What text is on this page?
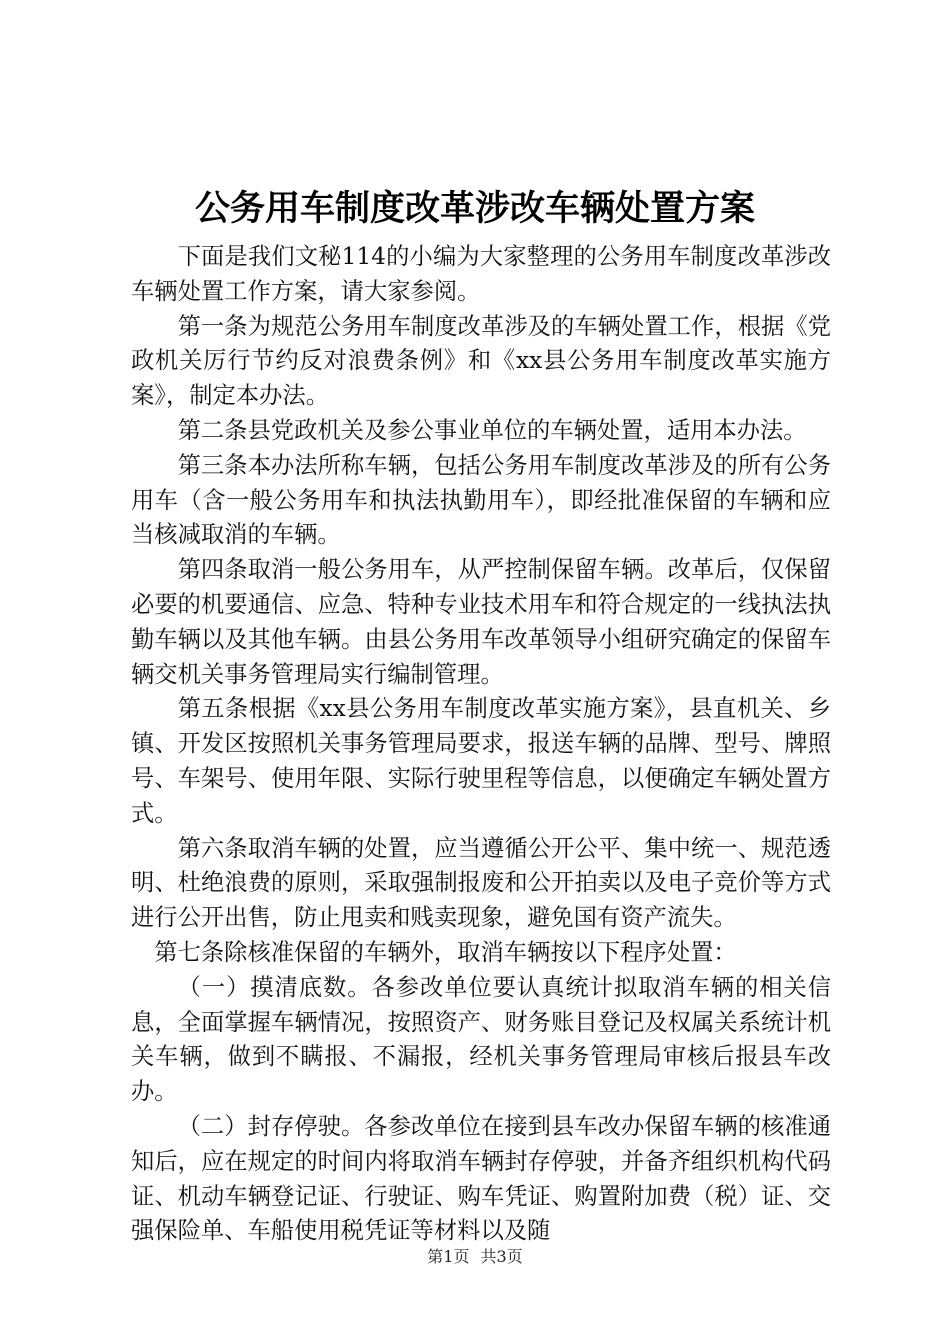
公务用车制度改革涉改车辆处置方案

下面是我们文秘114的小编为大家整理的公务用车制度改革涉改车辆处置工作方案，请大家参阅。

第一条为规范公务用车制度改革涉及的车辆处置工作，根据《党政机关厉行节约反对浪费条例》和《xx县公务用车制度改革实施方案》，制定本办法。

第二条县党政机关及参公事业单位的车辆处置，适用本办法。

第三条本办法所称车辆，包括公务用车制度改革涉及的所有公务用车（含一般公务用车和执法执勤用车），即经批准保留的车辆和应当核减取消的车辆。

第四条取消一般公务用车，从严控制保留车辆。改革后，仅保留必要的机要通信、应急、特种专业技术用车和符合规定的一线执法执勤车辆以及其他车辆。由县公务用车改革领导小组研究确定的保留车辆交机关事务管理局实行编制管理。

第五条根据《xx县公务用车制度改革实施方案》，县直机关、乡镇、开发区按照机关事务管理局要求，报送车辆的品牌、型号、牌照号、车架号、使用年限、实际行驶里程等信息，以便确定车辆处置方式。

第六条取消车辆的处置，应当遵循公开公平、集中统一、规范透明、杜绝浪费的原则，采取强制报废和公开拍卖以及电子竞价等方式进行公开出售，防止甩卖和贱卖现象，避免国有资产流失。

第七条除核准保留的车辆外，取消车辆按以下程序处置：

（一）摸清底数。各参改单位要认真统计拟取消车辆的相关信息，全面掌握车辆情况，按照资产、财务账目登记及权属关系统计机关车辆，做到不瞒报、不漏报，经机关事务管理局审核后报县车改办。

（二）封存停驶。各参改单位在接到县车改办保留车辆的核准通知后，应在规定的时间内将取消车辆封存停驶，并备齐组织机构代码证、机动车辆登记证、行驶证、购车凭证、购置附加费（税）证、交强保险单、车船使用税凭证等材料以及随

第1页 共3页
